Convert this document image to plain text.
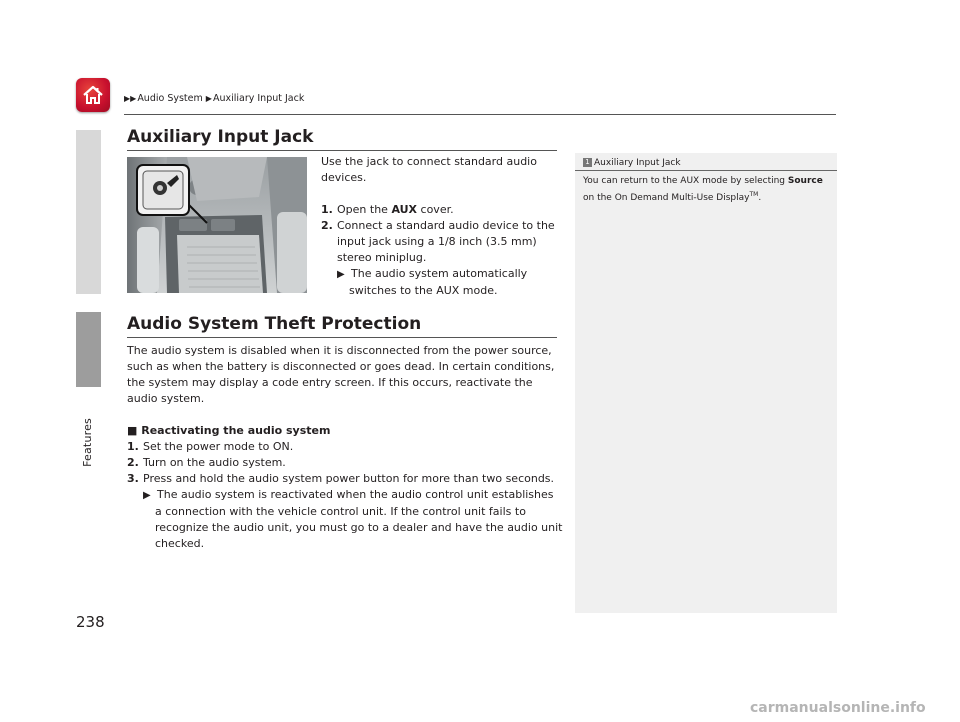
▶▶Audio System ▶Auxiliary Input Jack
Features
Auxiliary Input Jack

Use the jack to connect standard audio devices.

1. Open the AUX cover.

2. Connect a standard audio device to the input jack using a 1/8 inch (3.5 mm) stereo miniplug.

▶ The audio system automatically switches to the AUX mode.

Audio System Theft Protection

The audio system is disabled when it is disconnected from the power source, such as when the battery is disconnected or goes dead. In certain conditions, the system may display a code entry screen. If this occurs, reactivate the audio system.

■ Reactivating the audio system

1. Set the power mode to ON.

2. Turn on the audio system.

3. Press and hold the audio system power button for more than two seconds.

▶ The audio system is reactivated when the audio control unit establishes a connection with the vehicle control unit. If the control unit fails to recognize the audio unit, you must go to a dealer and have the audio unit checked.

1 Auxiliary Input Jack
You can return to the AUX mode by selecting Source on the On Demand Multi-Use Display™.
238
carmanualsonline.info
